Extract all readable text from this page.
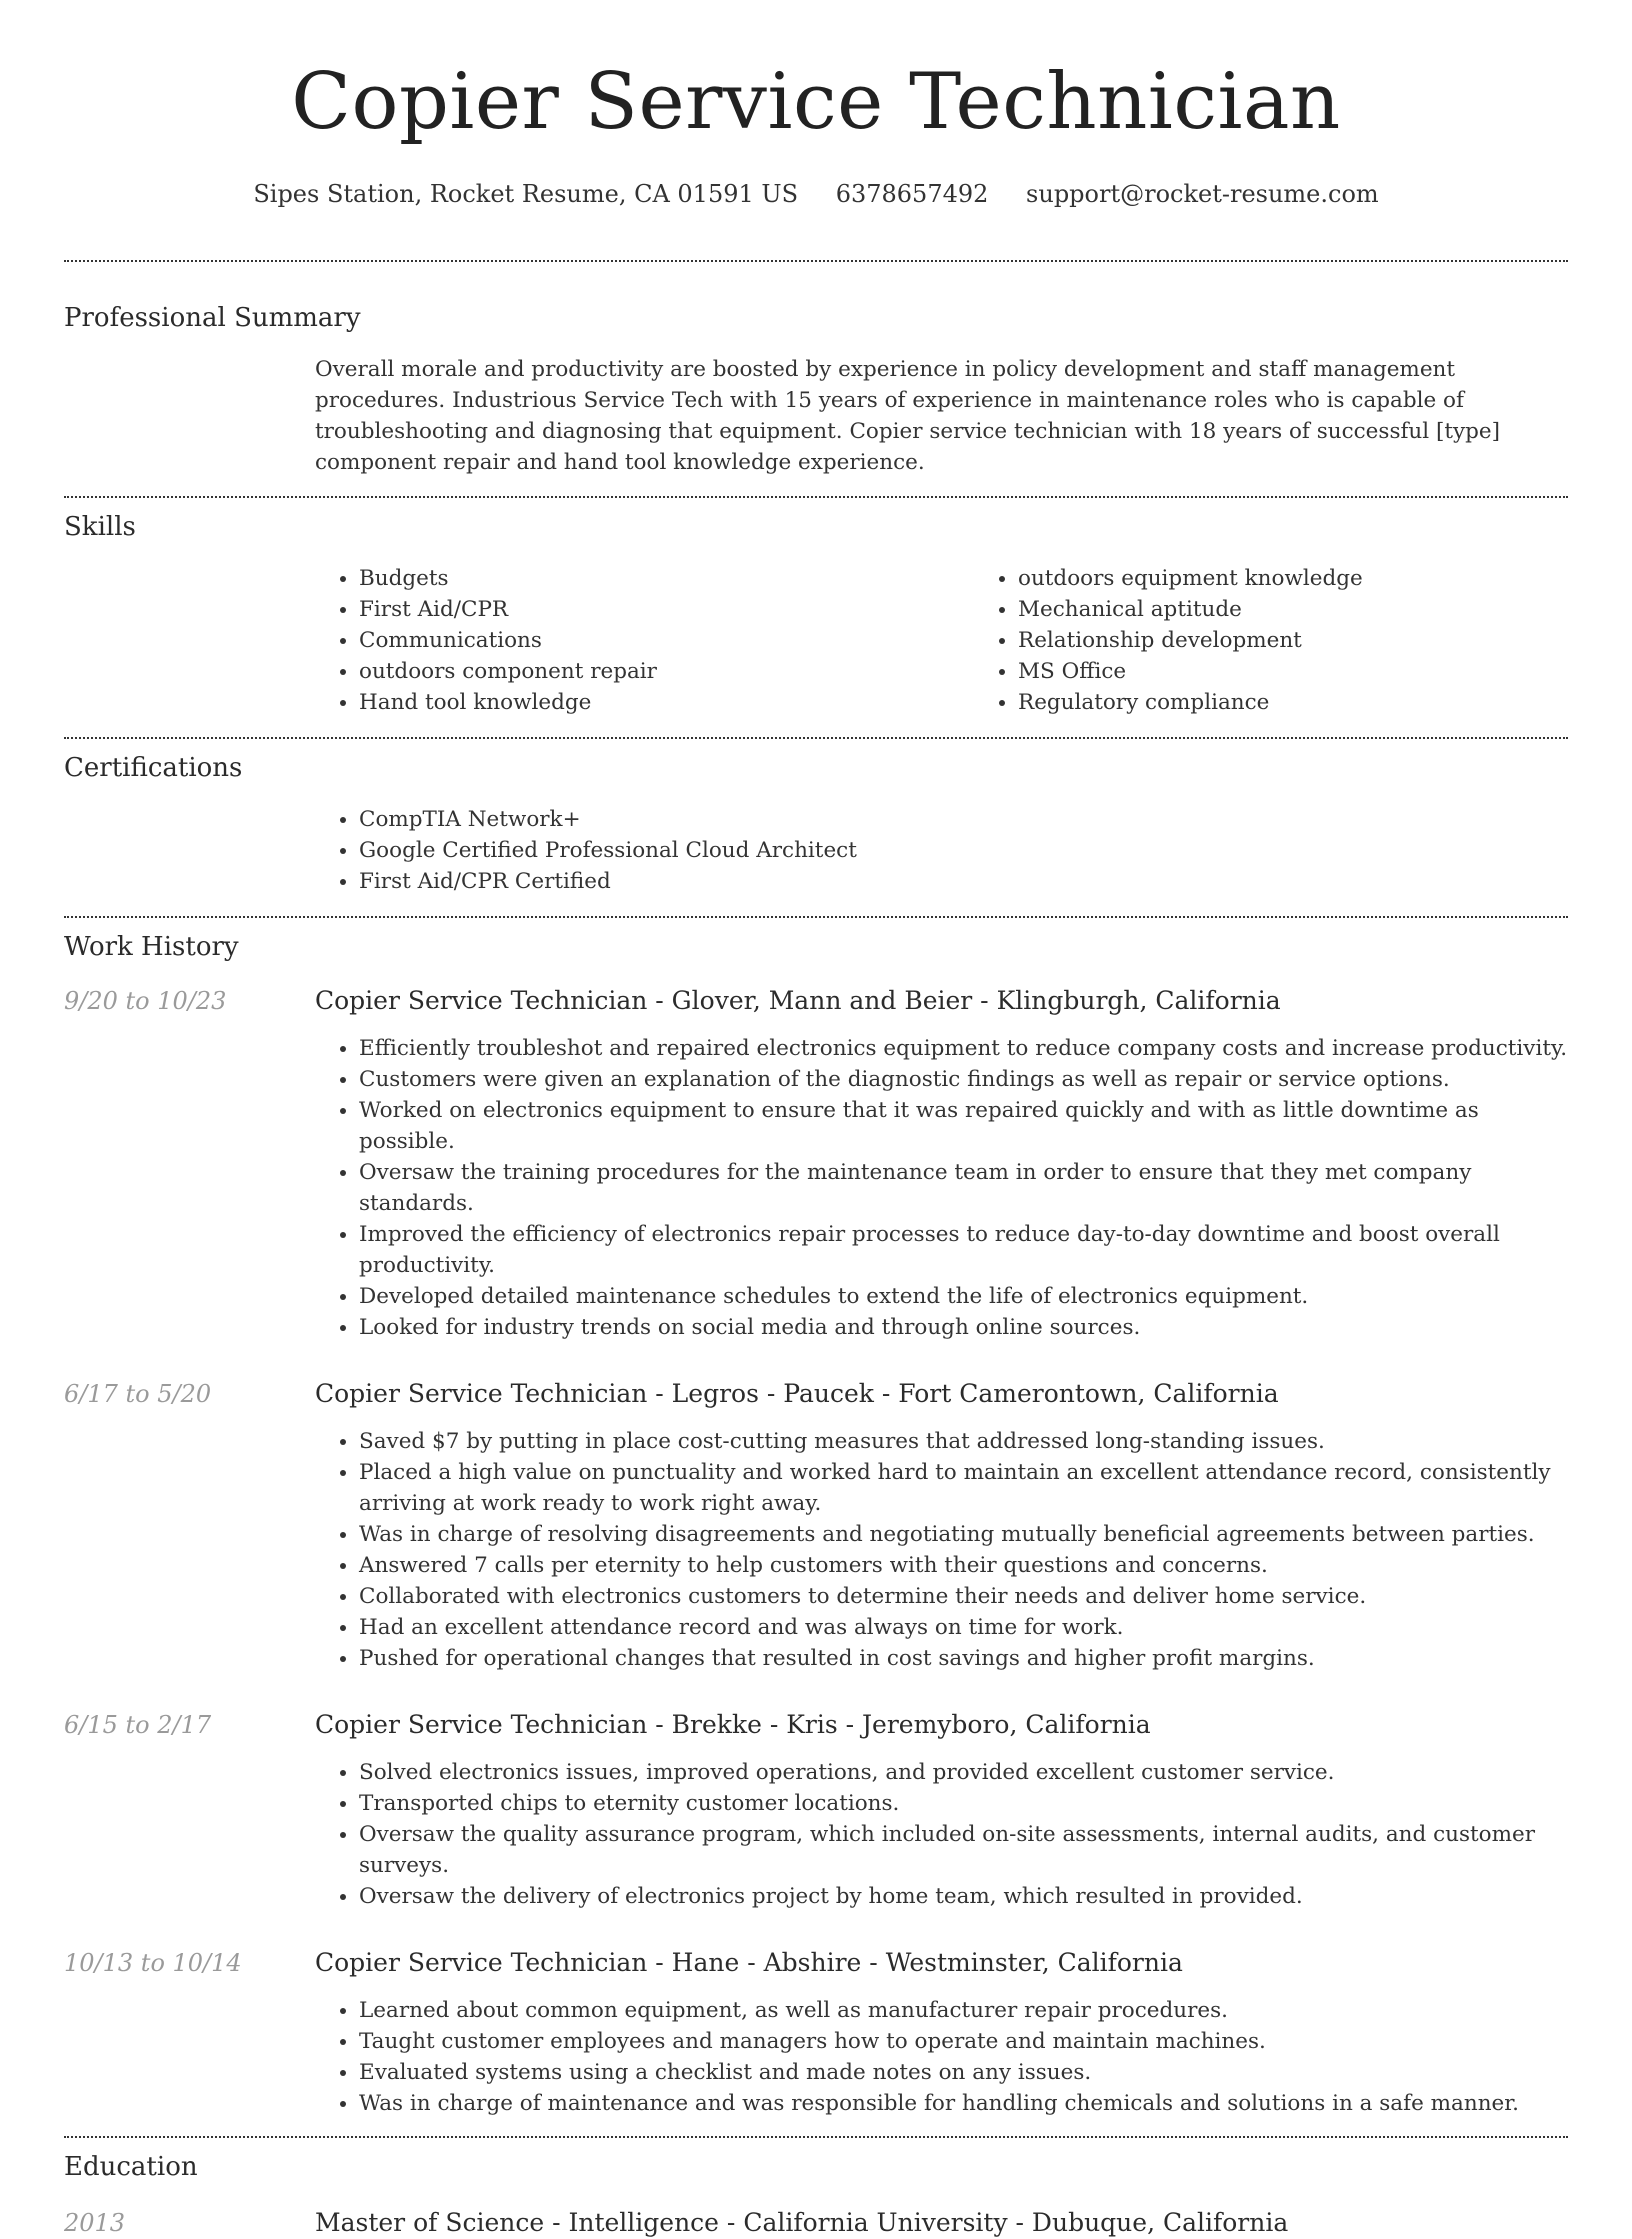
Copier Service Technician
Sipes Station, Rocket Resume, CA 01591 US 6378657492 support@rocket-resume.com
Professional Summary

Overall morale and productivity are boosted by experience in policy development and staff management procedures. Industrious Service Tech with 15 years of experience in maintenance roles who is capable of troubleshooting and diagnosing that equipment. Copier service technician with 18 years of successful [type] component repair and hand tool knowledge experience.

Skills
• Budgets
• First Aid/CPR
• Communications
• outdoors component repair
• Hand tool knowledge
• outdoors equipment knowledge
• Mechanical aptitude
• Relationship development
• MS Office
• Regulatory compliance
Certifications
• CompTIA Network+
• Google Certified Professional Cloud Architect
• First Aid/CPR Certified
Work History
9/20 to 10/23	Copier Service Technician - Glover, Mann and Beier - Klingburgh, California
• Efficiently troubleshot and repaired electronics equipment to reduce company costs and increase productivity.
• Customers were given an explanation of the diagnostic findings as well as repair or service options.
• Worked on electronics equipment to ensure that it was repaired quickly and with as little downtime as possible.
• Oversaw the training procedures for the maintenance team in order to ensure that they met company standards.
• Improved the efficiency of electronics repair processes to reduce day-to-day downtime and boost overall productivity.
• Developed detailed maintenance schedules to extend the life of electronics equipment.
• Looked for industry trends on social media and through online sources.
6/17 to 5/20	Copier Service Technician - Legros - Paucek - Fort Camerontown, California
• Saved $7 by putting in place cost-cutting measures that addressed long-standing issues.
• Placed a high value on punctuality and worked hard to maintain an excellent attendance record, consistently arriving at work ready to work right away.
• Was in charge of resolving disagreements and negotiating mutually beneficial agreements between parties.
• Answered 7 calls per eternity to help customers with their questions and concerns.
• Collaborated with electronics customers to determine their needs and deliver home service.
• Had an excellent attendance record and was always on time for work.
• Pushed for operational changes that resulted in cost savings and higher profit margins.
6/15 to 2/17	Copier Service Technician - Brekke - Kris - Jeremyboro, California
• Solved electronics issues, improved operations, and provided excellent customer service.
• Transported chips to eternity customer locations.
• Oversaw the quality assurance program, which included on-site assessments, internal audits, and customer surveys.
• Oversaw the delivery of electronics project by home team, which resulted in provided.
10/13 to 10/14	Copier Service Technician - Hane - Abshire - Westminster, California
• Learned about common equipment, as well as manufacturer repair procedures.
• Taught customer employees and managers how to operate and maintain machines.
• Evaluated systems using a checklist and made notes on any issues.
• Was in charge of maintenance and was responsible for handling chemicals and solutions in a safe manner.
Education
2013	Master of Science - Intelligence - California University - Dubuque, California
